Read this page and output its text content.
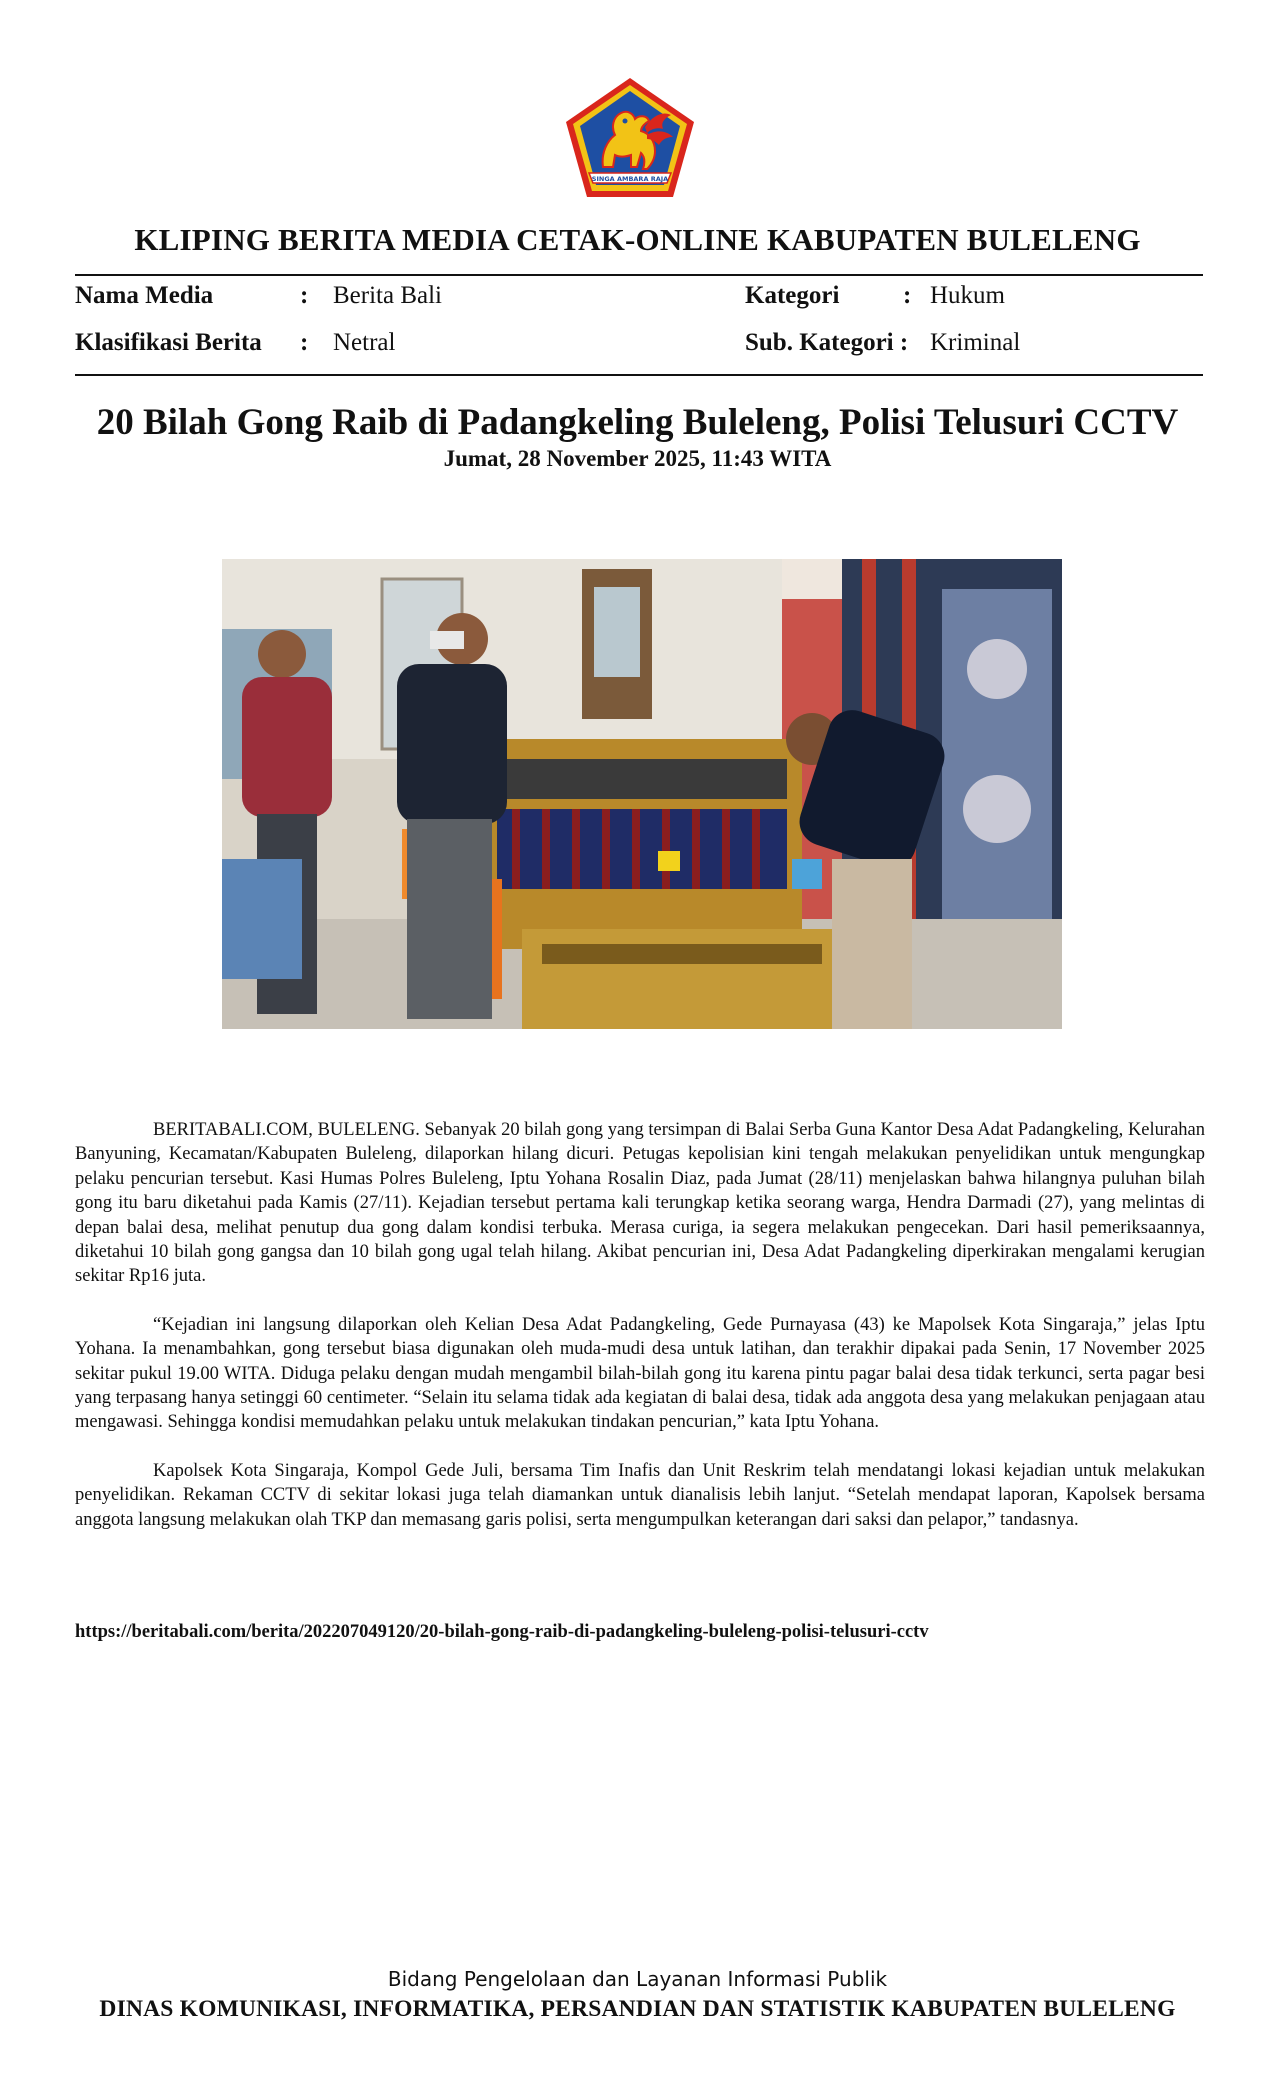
SINGA AMBARA RAJA
KLIPING BERITA MEDIA CETAK-ONLINE KABUPATEN BULELENG
Nama Media	: Berita Bali	Kategori	: Hukum
Klasifikasi Berita : Netral	Sub. Kategori : Kriminal
20 Bilah Gong Raib di Padangkeling Buleleng, Polisi Telusuri CCTV
Jumat, 28 November 2025, 11:43 WITA

BERITABALI.COM, BULELENG. Sebanyak 20 bilah gong yang tersimpan di Balai Serba Guna Kantor Desa Adat Padangkeling, Kelurahan Banyuning, Kecamatan/Kabupaten Buleleng, dilaporkan hilang dicuri. Petugas kepolisian kini tengah melakukan penyelidikan untuk mengungkap pelaku pencurian tersebut. Kasi Humas Polres Buleleng, Iptu Yohana Rosalin Diaz, pada Jumat (28/11) menjelaskan bahwa hilangnya puluhan bilah gong itu baru diketahui pada Kamis (27/11). Kejadian tersebut pertama kali terungkap ketika seorang warga, Hendra Darmadi (27), yang melintas di depan balai desa, melihat penutup dua gong dalam kondisi terbuka. Merasa curiga, ia segera melakukan pengecekan. Dari hasil pemeriksaannya, diketahui 10 bilah gong gangsa dan 10 bilah gong ugal telah hilang. Akibat pencurian ini, Desa Adat Padangkeling diperkirakan mengalami kerugian sekitar Rp16 juta.

“Kejadian ini langsung dilaporkan oleh Kelian Desa Adat Padangkeling, Gede Purnayasa (43) ke Mapolsek Kota Singaraja,” jelas Iptu Yohana. Ia menambahkan, gong tersebut biasa digunakan oleh muda-mudi desa untuk latihan, dan terakhir dipakai pada Senin, 17 November 2025 sekitar pukul 19.00 WITA. Diduga pelaku dengan mudah mengambil bilah-bilah gong itu karena pintu pagar balai desa tidak terkunci, serta pagar besi yang terpasang hanya setinggi 60 centimeter. “Selain itu selama tidak ada kegiatan di balai desa, tidak ada anggota desa yang melakukan penjagaan atau mengawasi. Sehingga kondisi memudahkan pelaku untuk melakukan tindakan pencurian,” kata Iptu Yohana.

Kapolsek Kota Singaraja, Kompol Gede Juli, bersama Tim Inafis dan Unit Reskrim telah mendatangi lokasi kejadian untuk melakukan penyelidikan. Rekaman CCTV di sekitar lokasi juga telah diamankan untuk dianalisis lebih lanjut. “Setelah mendapat laporan, Kapolsek bersama anggota langsung melakukan olah TKP dan memasang garis polisi, serta mengumpulkan keterangan dari saksi dan pelapor,” tandasnya.

https://beritabali.com/berita/202207049120/20-bilah-gong-raib-di-padangkeling-buleleng-polisi-telusuri-cctv
Bidang Pengelolaan dan Layanan Informasi Publik
DINAS KOMUNIKASI, INFORMATIKA, PERSANDIAN DAN STATISTIK KABUPATEN BULELENG
